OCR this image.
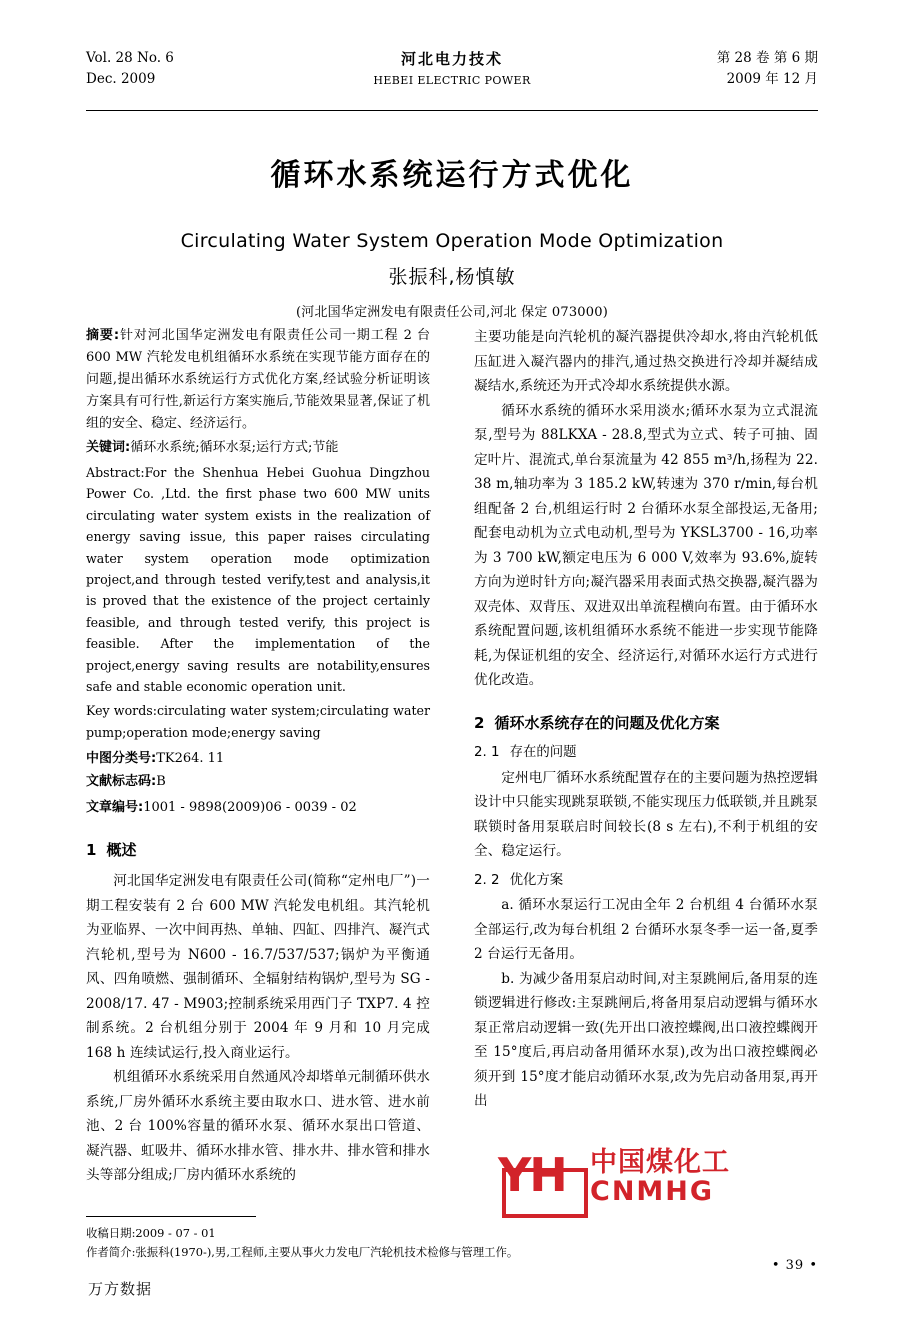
Vol. 28 No. 6
Dec. 2009
河北电力技术
HEBEI ELECTRIC POWER
第 28 卷 第 6 期
2009 年 12 月
循环水系统运行方式优化
Circulating Water System Operation Mode Optimization
张振科,杨慎敏
(河北国华定洲发电有限责任公司,河北 保定 073000)
摘要:针对河北国华定洲发电有限责任公司一期工程 2 台 600 MW 汽轮发电机组循环水系统在实现节能方面存在的问题,提出循环水系统运行方式优化方案,经试验分析证明该方案具有可行性,新运行方案实施后,节能效果显著,保证了机组的安全、稳定、经济运行。
关键词:循环水系统;循环水泵;运行方式;节能
Abstract:For the Shenhua Hebei Guohua Dingzhou Power Co. ,Ltd. the first phase two 600 MW units circulating water system exists in the realization of energy saving issue, this paper raises circulating water system operation mode optimization project,and through tested verify,test and analysis,it is proved that the existence of the project certainly feasible, and through tested verify, this project is feasible. After the implementation of the project,energy saving results are notability,ensures safe and stable economic operation unit.
Key words:circulating water system;circulating water pump;operation mode;energy saving
中图分类号:TK264. 11
文献标志码:B
文章编号:1001 - 9898(2009)06 - 0039 - 02
1 概述

河北国华定洲发电有限责任公司(简称“定州电厂”)一期工程安装有 2 台 600 MW 汽轮发电机组。其汽轮机为亚临界、一次中间再热、单轴、四缸、四排汽、凝汽式汽轮机,型号为 N600 - 16.7/537/537;锅炉为平衡通风、四角喷燃、强制循环、全辐射结构锅炉,型号为 SG - 2008/17. 47 - M903;控制系统采用西门子 TXP7. 4 控制系统。2 台机组分别于 2004 年 9 月和 10 月完成 168 h 连续试运行,投入商业运行。

机组循环水系统采用自然通风冷却塔单元制循环供水系统,厂房外循环水系统主要由取水口、进水管、进水前池、2 台 100%容量的循环水泵、循环水泵出口管道、凝汽器、虹吸井、循环水排水管、排水井、排水管和排水头等部分组成;厂房内循环水系统的

主要功能是向汽轮机的凝汽器提供冷却水,将由汽轮机低压缸进入凝汽器内的排汽,通过热交换进行冷却并凝结成凝结水,系统还为开式冷却水系统提供水源。

循环水系统的循环水采用淡水;循环水泵为立式混流泵,型号为 88LKXA - 28.8,型式为立式、转子可抽、固定叶片、混流式,单台泵流量为 42 855 m³/h,扬程为 22. 38 m,轴功率为 3 185.2 kW,转速为 370 r/min,每台机组配备 2 台,机组运行时 2 台循环水泵全部投运,无备用;配套电动机为立式电动机,型号为 YKSL3700 - 16,功率为 3 700 kW,额定电压为 6 000 V,效率为 93.6%,旋转方向为逆时针方向;凝汽器采用表面式热交换器,凝汽器为双壳体、双背压、双进双出单流程横向布置。由于循环水系统配置问题,该机组循环水系统不能进一步实现节能降耗,为保证机组的安全、经济运行,对循环水运行方式进行优化改造。

2 循环水系统存在的问题及优化方案
2. 1 存在的问题

定州电厂循环水系统配置存在的主要问题为热控逻辑设计中只能实现跳泵联锁,不能实现压力低联锁,并且跳泵联锁时备用泵联启时间较长(8 s 左右),不利于机组的安全、稳定运行。

2. 2 优化方案

a. 循环水泵运行工况由全年 2 台机组 4 台循环水泵全部运行,改为每台机组 2 台循环水泵冬季一运一备,夏季 2 台运行无备用。

b. 为减少备用泵启动时间,对主泵跳闸后,备用泵的连锁逻辑进行修改:主泵跳闸后,将备用泵启动逻辑与循环水泵正常启动逻辑一致(先开出口液控蝶阀,出口液控蝶阀开至 15°度后,再启动备用循环水泵),改为出口液控蝶阀必须开到 15°度才能启动循环水泵,改为先启动备用泵,再开出

YH 中国煤化工
CNMHG
收稿日期:2009 - 07 - 01
作者简介:张振科(1970-),男,工程师,主要从事火力发电厂汽轮机技术检修与管理工作。
• 39 •
万方数据
